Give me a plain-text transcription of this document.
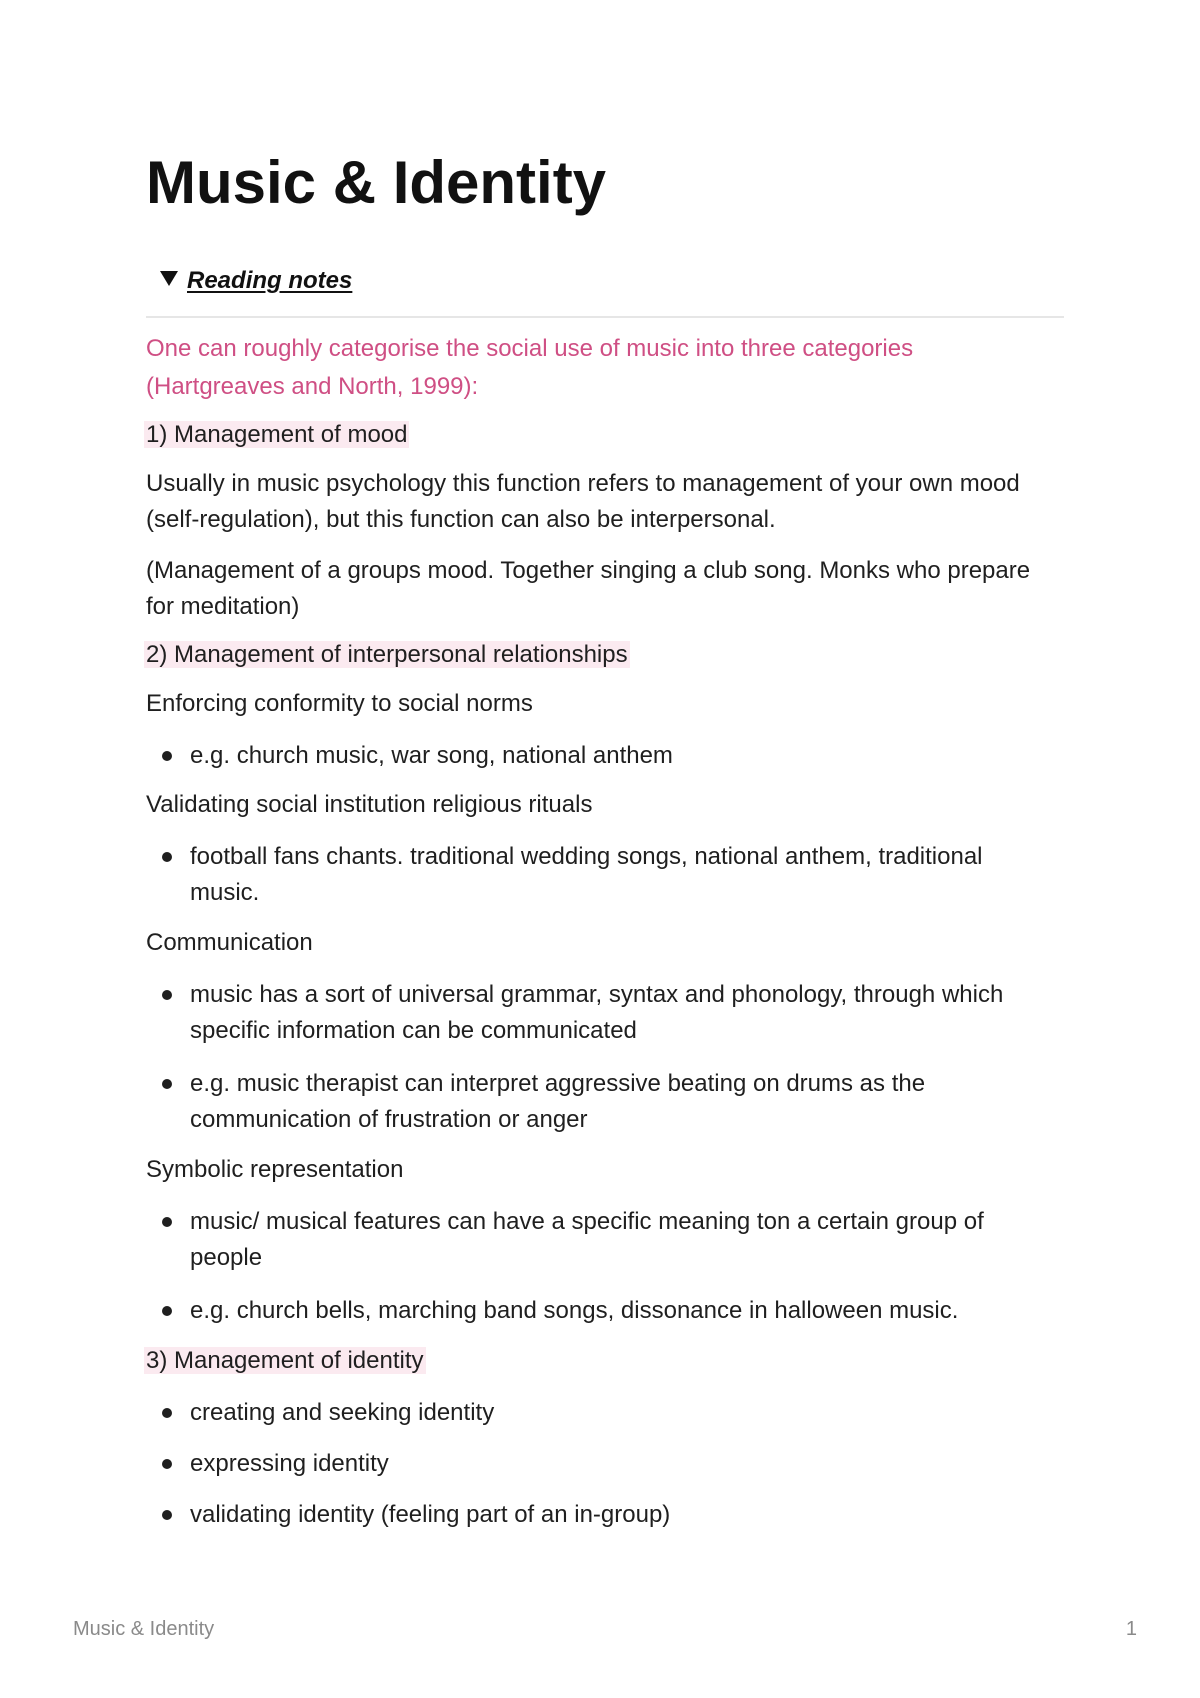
Music & Identity
Reading notes
One can roughly categorise the social use of music into three categories
(Hartgreaves and North, 1999):
1) Management of mood
Usually in music psychology this function refers to management of your own mood
(self-regulation), but this function can also be interpersonal.
(Management of a groups mood. Together singing a club song. Monks who prepare
for meditation)
2) Management of interpersonal relationships
Enforcing conformity to social norms
e.g. church music, war song, national anthem
Validating social institution religious rituals
football fans chants. traditional wedding songs, national anthem, traditional
music.
Communication
music has a sort of universal grammar, syntax and phonology, through which
specific information can be communicated
e.g. music therapist can interpret aggressive beating on drums as the
communication of frustration or anger
Symbolic representation
music/ musical features can have a specific meaning ton a certain group of
people
e.g. church bells, marching band songs, dissonance in halloween music.
3) Management of identity
creating and seeking identity
expressing identity
validating identity (feeling part of an in-group)
Music & Identity	1
